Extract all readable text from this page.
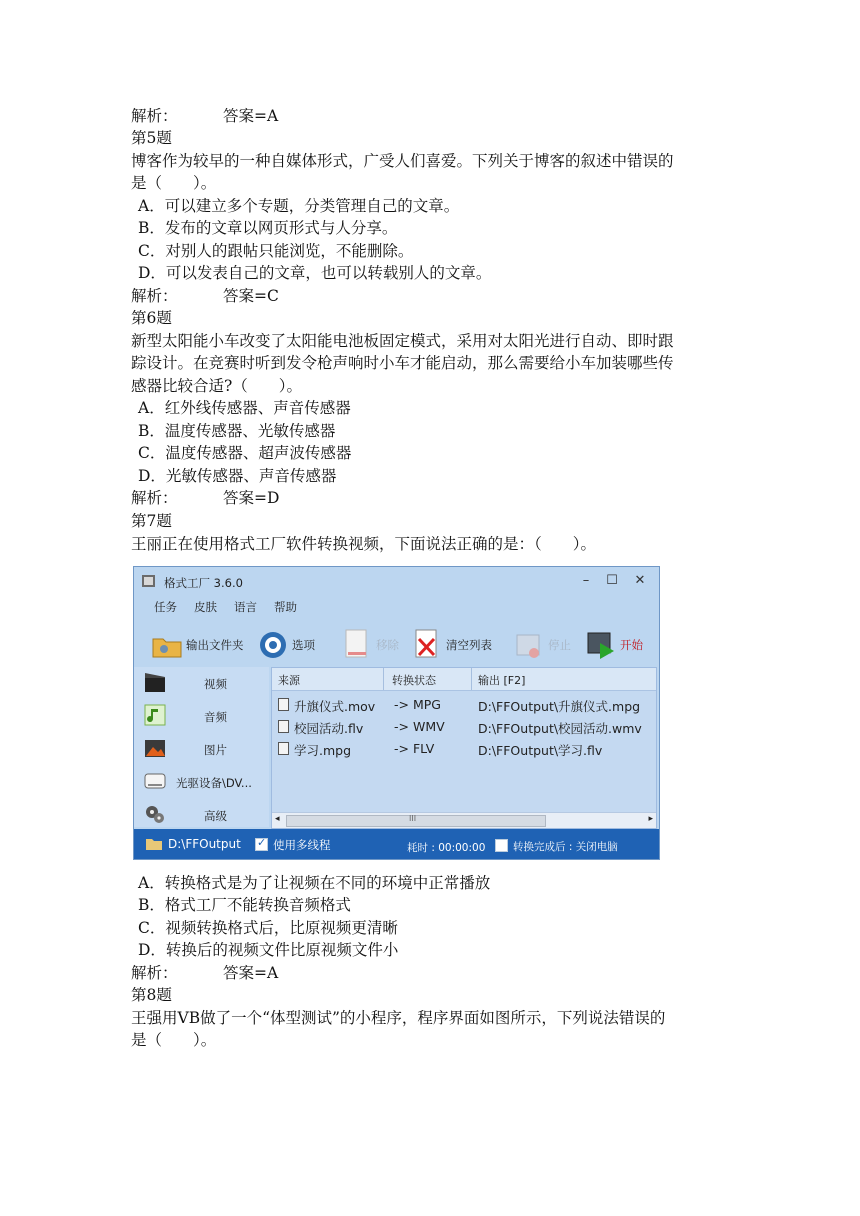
解析：	答案=A
第5题
博客作为较早的一种自媒体形式，广受人们喜爱。下列关于博客的叙述中错误的
是（　　）。
A．可以建立多个专题，分类管理自己的文章。
B．发布的文章以网页形式与人分享。
C．对别人的跟帖只能浏览，不能删除。
D．可以发表自己的文章，也可以转载别人的文章。
解析：	答案=C
第6题
新型太阳能小车改变了太阳能电池板固定模式，采用对太阳光进行自动、即时跟
踪设计。在竞赛时听到发令枪声响时小车才能启动，那么需要给小车加装哪些传
感器比较合适?（　　）。
A．红外线传感器、声音传感器
B．温度传感器、光敏传感器
C．温度传感器、超声波传感器
D．光敏传感器、声音传感器
解析：	答案=D
第7题
王丽正在使用格式工厂软件转换视频，下面说法正确的是：（　　）。
格式工厂 3.6.0	–	☐	✕
任务 皮肤 语言 帮助
输出文件夹	选项	移除	清空列表	停止	开始
视频
音频
图片
光驱设备\DV...
高级
来源	转换状态	输出 [F2]
升旗仪式.mov -> MPG	D:\FFOutput\升旗仪式.mpg
校园活动.flv -> WMV	D:\FFOutput\校园活动.wmv
学习.mpg	-> FLV	D:\FFOutput\学习.flv
◂	III	▸
D:\FFOutput ✓ 使用多线程	耗时 : 00:00:00	转换完成后 : 关闭电脑
A．转换格式是为了让视频在不同的环境中正常播放
B．格式工厂不能转换音频格式
C．视频转换格式后，比原视频更清晰
D．转换后的视频文件比原视频文件小
解析：	答案=A
第8题
王强用VB做了一个“体型测试”的小程序，程序界面如图所示，下列说法错误的
是（　　）。
